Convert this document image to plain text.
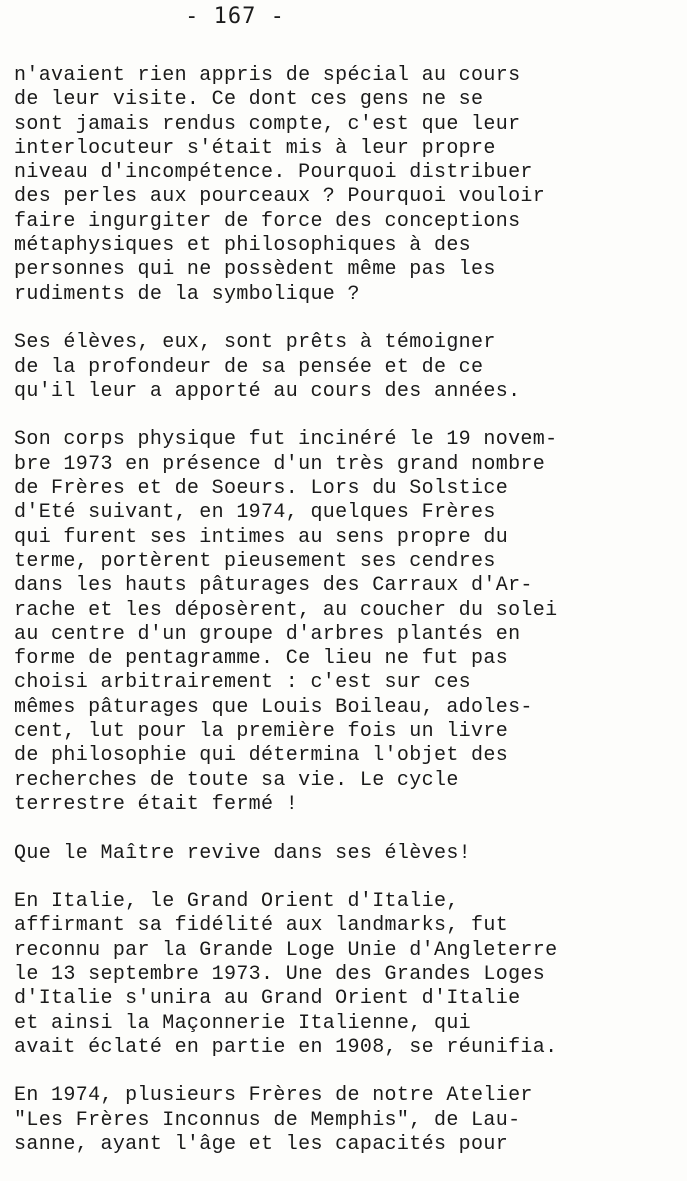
- 167 -
n'avaient rien appris de spécial au cours
de leur visite. Ce dont ces gens ne se
sont jamais rendus compte, c'est que leur
interlocuteur s'était mis à leur propre
niveau d'incompétence. Pourquoi distribuer
des perles aux pourceaux ? Pourquoi vouloir
faire ingurgiter de force des conceptions
métaphysiques et philosophiques à des
personnes qui ne possèdent même pas les
rudiments de la symbolique ?
Ses élèves, eux, sont prêts à témoigner
de la profondeur de sa pensée et de ce
qu'il leur a apporté au cours des années.
Son corps physique fut incinéré le 19 novem-
bre 1973 en présence d'un très grand nombre
de Frères et de Soeurs. Lors du Solstice
d'Eté suivant, en 1974, quelques Frères
qui furent ses intimes au sens propre du
terme, portèrent pieusement ses cendres
dans les hauts pâturages des Carraux d'Ar-
rache et les déposèrent, au coucher du solei
au centre d'un groupe d'arbres plantés en
forme de pentagramme. Ce lieu ne fut pas
choisi arbitrairement : c'est sur ces
mêmes pâturages que Louis Boileau, adoles-
cent, lut pour la première fois un livre
de philosophie qui détermina l'objet des
recherches de toute sa vie. Le cycle
terrestre était fermé !
Que le Maître revive dans ses élèves!
En Italie, le Grand Orient d'Italie,
affirmant sa fidélité aux landmarks, fut
reconnu par la Grande Loge Unie d'Angleterre
le 13 septembre 1973. Une des Grandes Loges
d'Italie s'unira au Grand Orient d'Italie
et ainsi la Maçonnerie Italienne, qui
avait éclaté en partie en 1908, se réunifia.
En 1974, plusieurs Frères de notre Atelier
"Les Frères Inconnus de Memphis", de Lau-
sanne, ayant l'âge et les capacités pour
